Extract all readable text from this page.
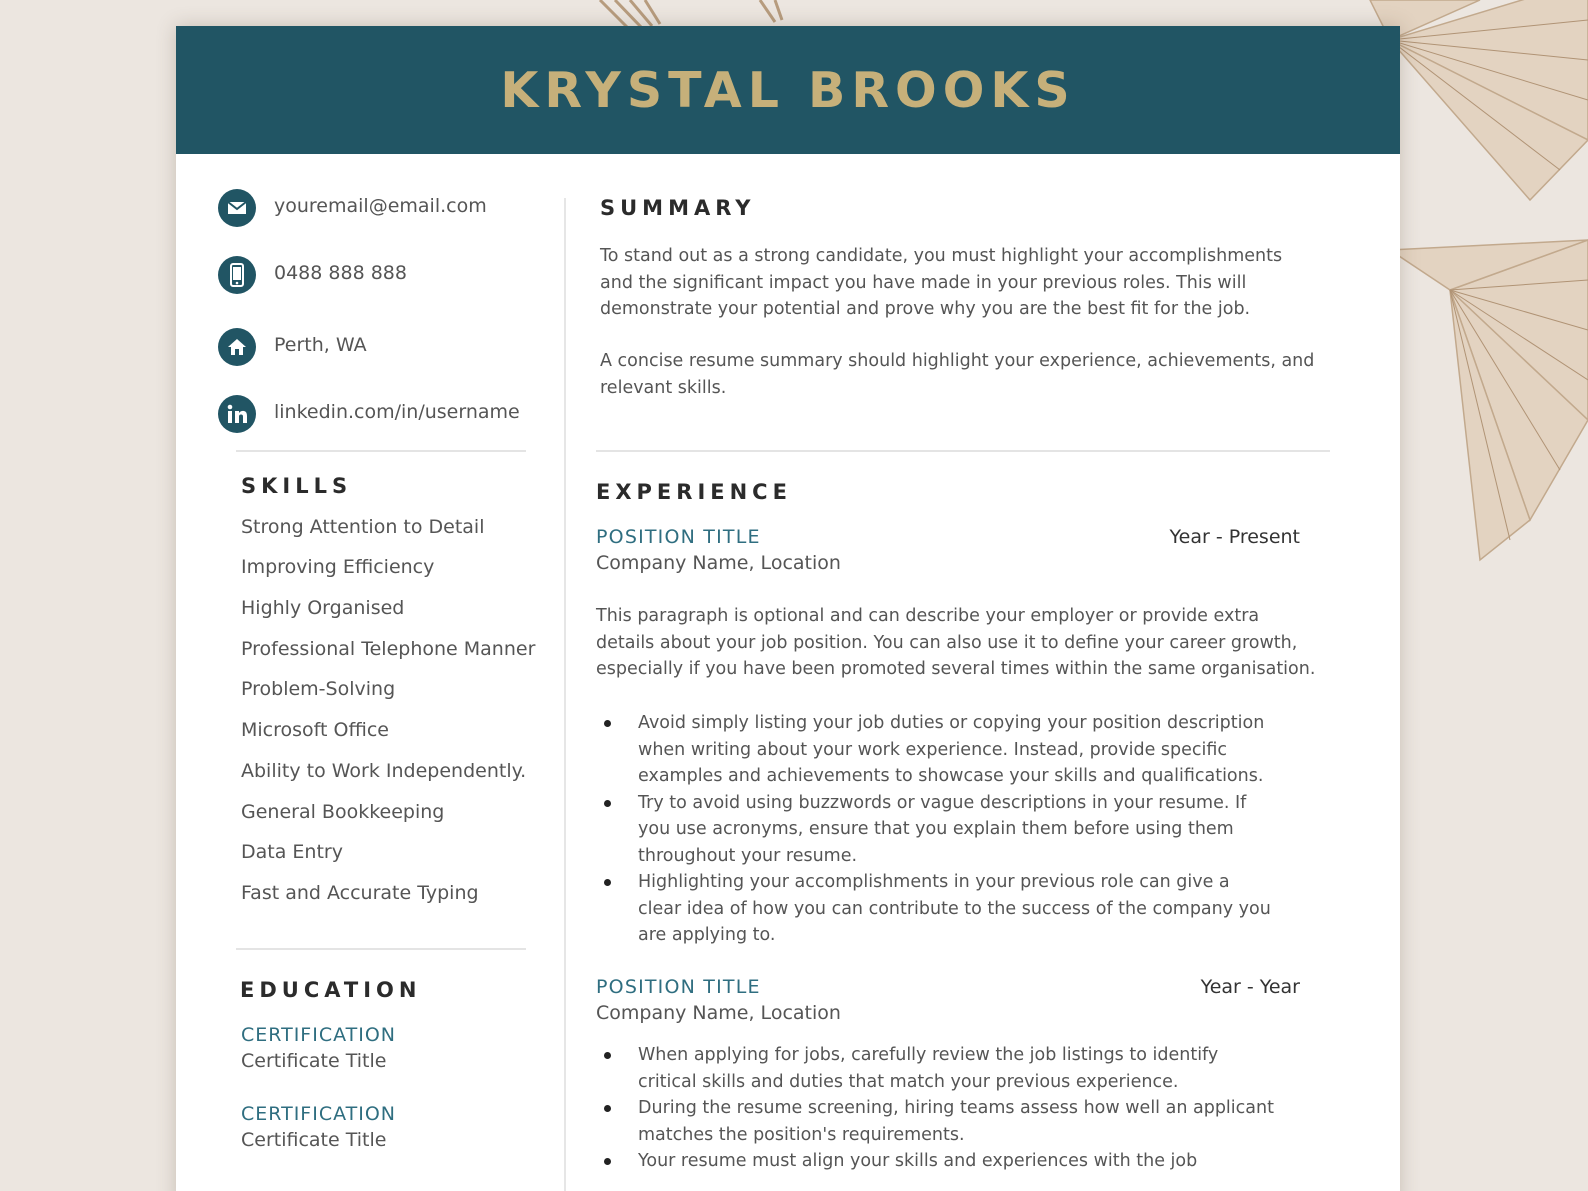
KRYSTAL BROOKS
youremail@email.com
0488 888 888
Perth, WA
linkedin.com/in/username
SKILLS
Strong Attention to Detail
Improving Efficiency
Highly Organised
Professional Telephone Manner
Problem-Solving
Microsoft Office
Ability to Work Independently.
General Bookkeeping
Data Entry
Fast and Accurate Typing
EDUCATION
CERTIFICATION
Certificate Title
CERTIFICATION
Certificate Title
SUMMARY
To stand out as a strong candidate, you must highlight your accomplishments and the significant impact you have made in your previous roles. This will demonstrate your potential and prove why you are the best fit for the job.
A concise resume summary should highlight your experience, achievements, and relevant skills.
EXPERIENCE
POSITION TITLE	Year - Present
Company Name, Location
This paragraph is optional and can describe your employer or provide extra details about your job position. You can also use it to define your career growth, especially if you have been promoted several times within the same organisation.
Avoid simply listing your job duties or copying your position description when writing about your work experience. Instead, provide specific examples and achievements to showcase your skills and qualifications.
Try to avoid using buzzwords or vague descriptions in your resume. If you use acronyms, ensure that you explain them before using them throughout your resume.
Highlighting your accomplishments in your previous role can give a clear idea of how you can contribute to the success of the company you are applying to.
POSITION TITLE	Year - Year
Company Name, Location
When applying for jobs, carefully review the job listings to identify critical skills and duties that match your previous experience.
During the resume screening, hiring teams assess how well an applicant matches the position's requirements.
Your resume must align your skills and experiences with the job
